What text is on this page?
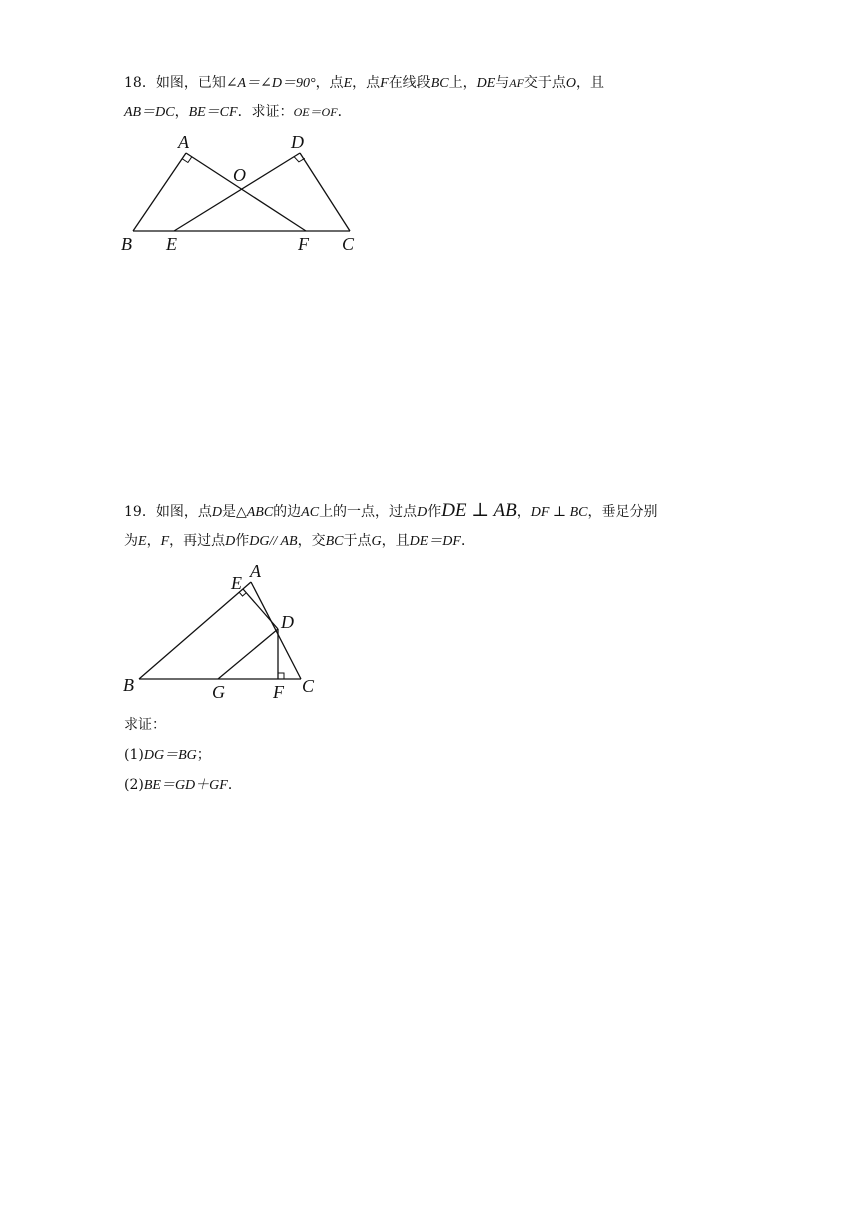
18．如图，已知∠A＝∠D＝90°，点E，点F在线段BC上，DE与AF交于点O，且
AB＝DC，BE＝CF．求证：OE＝OF．
A	D
O
B E	F C
19．如图，点D是△ABC的边AC上的一点，过点D作DE ⊥ AB，DF ⊥ BC，垂足分别
为E，F，再过点D作DG// AB，交BC于点G，且DE＝DF．
E
A
D
B	G	F C
求证：
(1)DG＝BG；
(2)BE＝GD＋GF．
